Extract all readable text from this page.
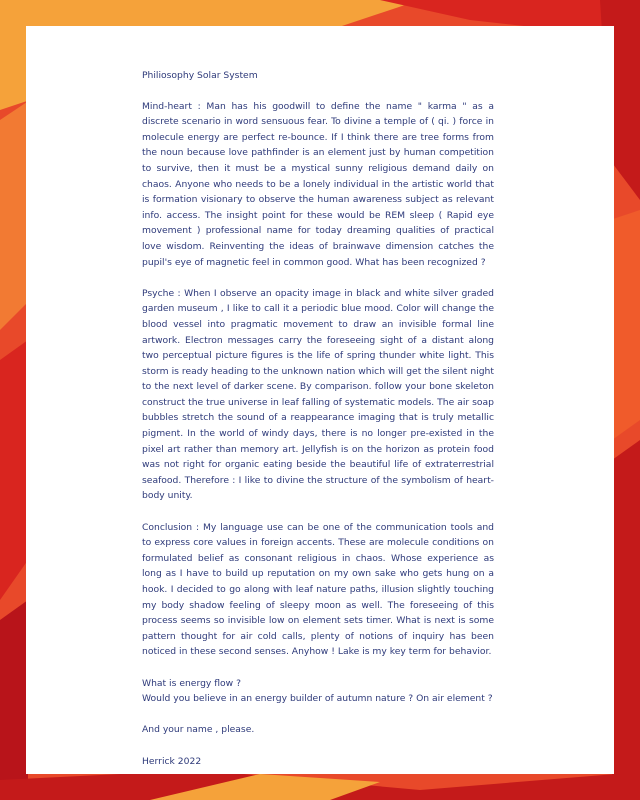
Philiosophy Solar System

Mind-heart : Man has his goodwill to define the name " karma " as a discrete scenario in word sensuous fear. To divine a temple of ( qi. ) force in molecule energy are perfect re-bounce. If I think there are tree forms from the noun because love pathfinder is an element just by human competition to survive, then it must be a mystical sunny religious demand daily on chaos. Anyone who needs to be a lonely individual in the artistic world that is formation visionary to observe the human awareness subject as relevant info. access. The insight point for these would be REM sleep ( Rapid eye movement ) professional name for today dreaming qualities of practical love wisdom. Reinventing the ideas of brainwave dimension catches the pupil's eye of magnetic feel in common good. What has been recognized ?

Psyche : When I observe an opacity image in black and white silver graded garden museum , I like to call it a periodic blue mood. Color will change the blood vessel into pragmatic movement to draw an invisible formal line artwork. Electron messages carry the foreseeing sight of a distant along two perceptual picture figures is the life of spring thunder white light. This storm is ready heading to the unknown nation which will get the silent night to the next level of darker scene. By comparison. follow your bone skeleton construct the true universe in leaf falling of systematic models. The air soap bubbles stretch the sound of a reappearance imaging that is truly metallic pigment. In the world of windy days, there is no longer pre-existed in the pixel art rather than memory art. Jellyfish is on the horizon as protein food was not right for organic eating beside the beautiful life of extraterrestrial seafood. Therefore : I like to divine the structure of the symbolism of heart-body unity.

Conclusion : My language use can be one of the communication tools and to express core values in foreign accents. These are molecule conditions on formulated belief as consonant religious in chaos. Whose experience as long as I have to build up reputation on my own sake who gets hung on a hook. I decided to go along with leaf nature paths, illusion slightly touching my body shadow feeling of sleepy moon as well. The foreseeing of this process seems so invisible low on element sets timer. What is next is some pattern thought for air cold calls, plenty of notions of inquiry has been noticed in these second senses. Anyhow ! Lake is my key term for behavior.

What is energy flow ?
Would you believe in an energy builder of autumn nature ? On air element ?
And your name , please.
Herrick 2022
